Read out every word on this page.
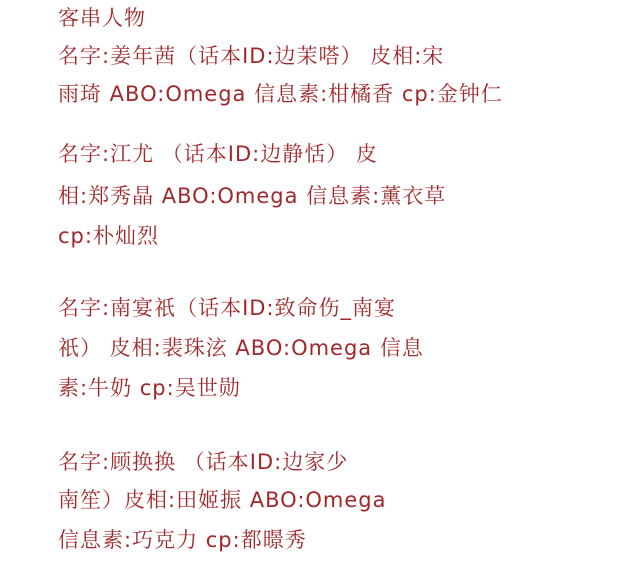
客串人物
名字:姜年茜（话本ID:边茉嗒） 皮相:宋
雨琦 ABO:Omega 信息素:柑橘香 cp:金钟仁
名字:江尤 （话本ID:边静恬） 皮
相:郑秀晶 ABO:Omega 信息素:薰衣草
cp:朴灿烈
名字:南宴祇（话本ID:致命伤_南宴
祇） 皮相:裴珠泫 ABO:Omega 信息
素:牛奶 cp:吴世勋
名字:顾换换 （话本ID:边家少
南笙）皮相:田姬振 ABO:Omega
信息素:巧克力 cp:都暻秀
